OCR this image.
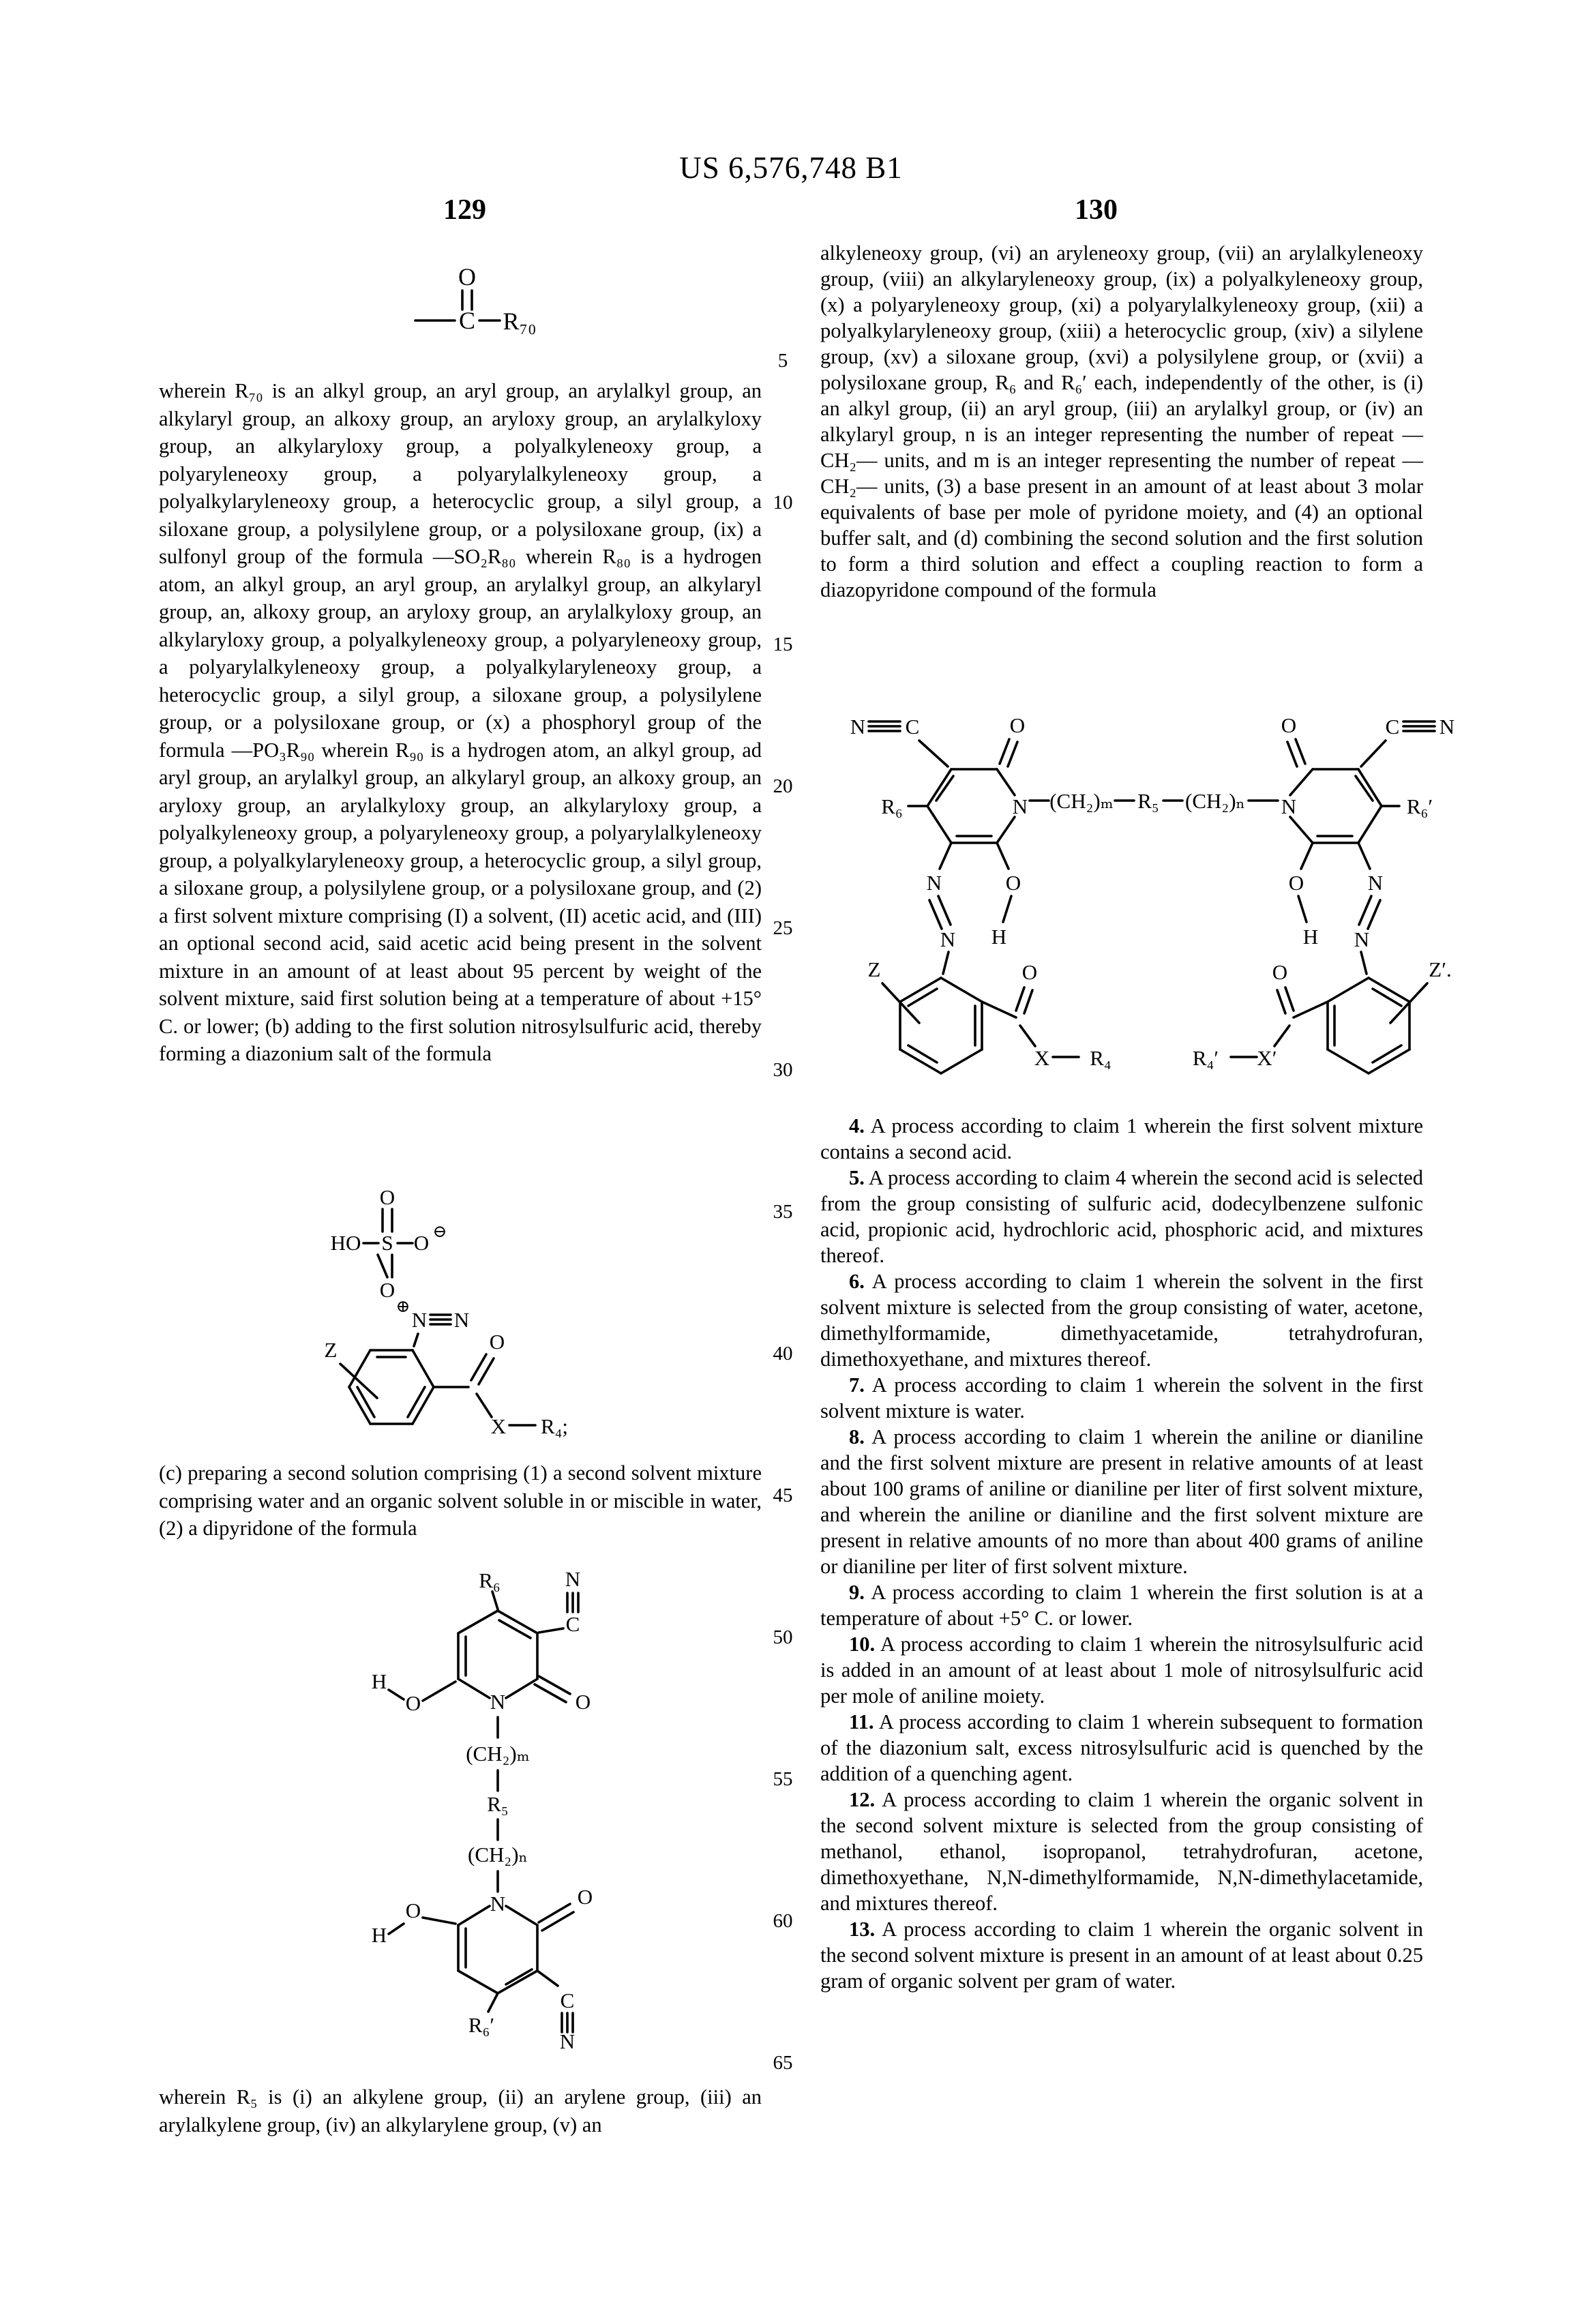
US 6,576,748 B1
129	130
5
10
15
20
25
30
35
40
45
50
55
60
65
O
C R₇₀
wherein R₇₀ is an alkyl group, an aryl group, an arylalkyl group, an alkylaryl group, an alkoxy group, an aryloxy group, an arylalkyloxy group, an alkylaryloxy group, a polyalkyleneoxy group, a polyaryleneoxy group, a polyarylalkyleneoxy group, a polyalkylaryleneoxy group, a heterocyclic group, a silyl group, a siloxane group, a polysilylene group, or a polysiloxane group, (ix) a sulfonyl group of the formula —SO₂R₈₀ wherein R₈₀ is a hydrogen atom, an alkyl group, an aryl group, an arylalkyl group, an alkylaryl group, an, alkoxy group, an aryloxy group, an arylalkyloxy group, an alkylaryloxy group, a polyalkyleneoxy group, a polyaryleneoxy group, a polyarylalkyleneoxy group, a polyalkylaryleneoxy group, a heterocyclic group, a silyl group, a siloxane group, a polysilylene group, or a polysiloxane group, or (x) a phosphoryl group of the formula —PO₃R₉₀ wherein R₉₀ is a hydrogen atom, an alkyl group, ad aryl group, an arylalkyl group, an alkylaryl group, an alkoxy group, an aryloxy group, an arylalkyloxy group, an alkylaryloxy group, a polyalkyleneoxy group, a polyaryleneoxy group, a polyarylalkyleneoxy group, a polyalkylaryleneoxy group, a heterocyclic group, a silyl group, a siloxane group, a polysilylene group, or a polysiloxane group, and (2) a first solvent mixture comprising (I) a solvent, (II) acetic acid, and (III) an optional second acid, said acetic acid being present in the solvent mixture in an amount of at least about 95 percent by weight of the solvent mixture, said first solution being at a temperature of about +15° C. or lower; (b) adding to the first solution nitrosylsulfuric acid, thereby forming a diazonium salt of the formula
HO S
O
O
O ⊖
⊕
N N
Z	O
X R₄;
(c) preparing a second solution comprising (1) a second solvent mixture comprising water and an organic solvent soluble in or miscible in water, (2) a dipyridone of the formula
R₆	N
C
H
O	O
N
(CH₂)ₘ
R₅
(CH₂)ₙ
N
O
H
O
R₆′
C
N
wherein R₅ is (i) an alkylene group, (ii) an arylene group, (iii) an arylalkylene group, (iv) an alkylarylene group, (v) an
alkyleneoxy group, (vi) an aryleneoxy group, (vii) an arylalkyleneoxy group, (viii) an alkylaryleneoxy group, (ix) a polyalkyleneoxy group, (x) a polyaryleneoxy group, (xi) a polyarylalkyleneoxy group, (xii) a polyalkylaryleneoxy group, (xiii) a heterocyclic group, (xiv) a silylene group, (xv) a siloxane group, (xvi) a polysilylene group, or (xvii) a polysiloxane group, R₆ and R₆′ each, independently of the other, is (i) an alkyl group, (ii) an aryl group, (iii) an arylalkyl group, or (iv) an alkylaryl group, n is an integer representing the number of repeat —CH₂— units, and m is an integer representing the number of repeat —CH₂— units, (3) a base present in an amount of at least about 3 molar equivalents of base per mole of pyridone moiety, and (4) an optional buffer salt, and (d) combining the second solution and the first solution to form a third solution and effect a coupling reaction to form a diazopyridone compound of the formula
N C	O
R₆	N (CH₂)ₘ R₅ (CH₂)ₙ N
O	C N
R₆′
N
N
O
H
Z	O
X R₄
O
H
N
N
Z′.
O
X′
R₄′

4. A process according to claim 1 wherein the first solvent mixture contains a second acid.

5. A process according to claim 4 wherein the second acid is selected from the group consisting of sulfuric acid, dodecylbenzene sulfonic acid, propionic acid, hydrochloric acid, phosphoric acid, and mixtures thereof.

6. A process according to claim 1 wherein the solvent in the first solvent mixture is selected from the group consisting of water, acetone, dimethylformamide, dimethyacetamide, tetrahydrofuran, dimethoxyethane, and mixtures thereof.

7. A process according to claim 1 wherein the solvent in the first solvent mixture is water.

8. A process according to claim 1 wherein the aniline or dianiline and the first solvent mixture are present in relative amounts of at least about 100 grams of aniline or dianiline per liter of first solvent mixture, and wherein the aniline or dianiline and the first solvent mixture are present in relative amounts of no more than about 400 grams of aniline or dianiline per liter of first solvent mixture.

9. A process according to claim 1 wherein the first solution is at a temperature of about +5° C. or lower.

10. A process according to claim 1 wherein the nitrosylsulfuric acid is added in an amount of at least about 1 mole of nitrosylsulfuric acid per mole of aniline moiety.

11. A process according to claim 1 wherein subsequent to formation of the diazonium salt, excess nitrosylsulfuric acid is quenched by the addition of a quenching agent.

12. A process according to claim 1 wherein the organic solvent in the second solvent mixture is selected from the group consisting of methanol, ethanol, isopropanol, tetrahydrofuran, acetone, dimethoxyethane, N,N-dimethylformamide, N,N-dimethylacetamide, and mixtures thereof.

13. A process according to claim 1 wherein the organic solvent in the second solvent mixture is present in an amount of at least about 0.25 gram of organic solvent per gram of water.
